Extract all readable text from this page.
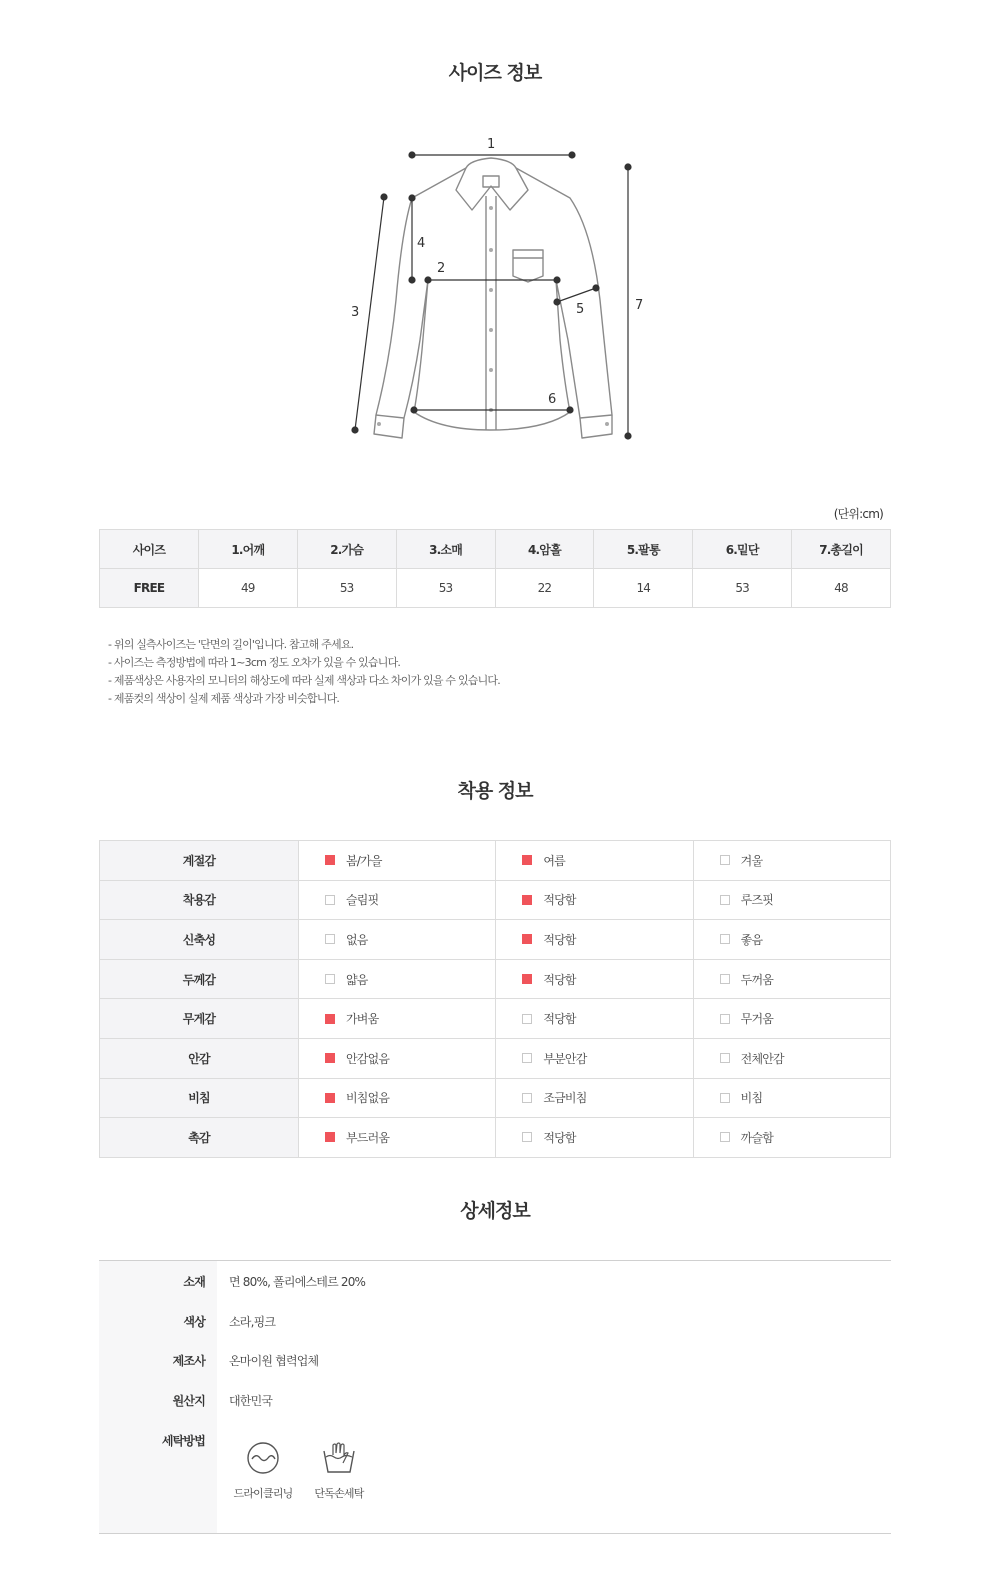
사이즈 정보
1
2
3
4
5
6
7
(단위:cm)
사이즈	1.어깨	2.가슴	3.소매	4.암홀	5.팔통	6.밑단	7.총길이
FREE	49	53	53	22	14	53	48
- 위의 실측사이즈는 '단면의 길이'입니다. 참고해 주세요.
- 사이즈는 측정방법에 따라 1~3cm 정도 오차가 있을 수 있습니다.
- 제품색상은 사용자의 모니터의 해상도에 따라 실제 색상과 다소 차이가 있을 수 있습니다.
- 제품컷의 색상이 실제 제품 색상과 가장 비슷합니다.
착용 정보
계절감	봄/가을	여름	겨울
착용감	슬림핏	적당함	루즈핏
신축성	없음	적당함	좋음
두께감	얇음	적당함	두꺼움
무게감	가벼움	적당함	무거움
안감	안감없음	부분안감	전체안감
비침	비침없음	조금비침	비침
촉감	부드러움	적당함	까슬함
상세정보
소재 면 80%, 폴리에스테르 20%
색상 소라,핑크
제조사 온마이원 협력업체
원산지 대한민국
세탁방법
드라이클리닝	단독손세탁
